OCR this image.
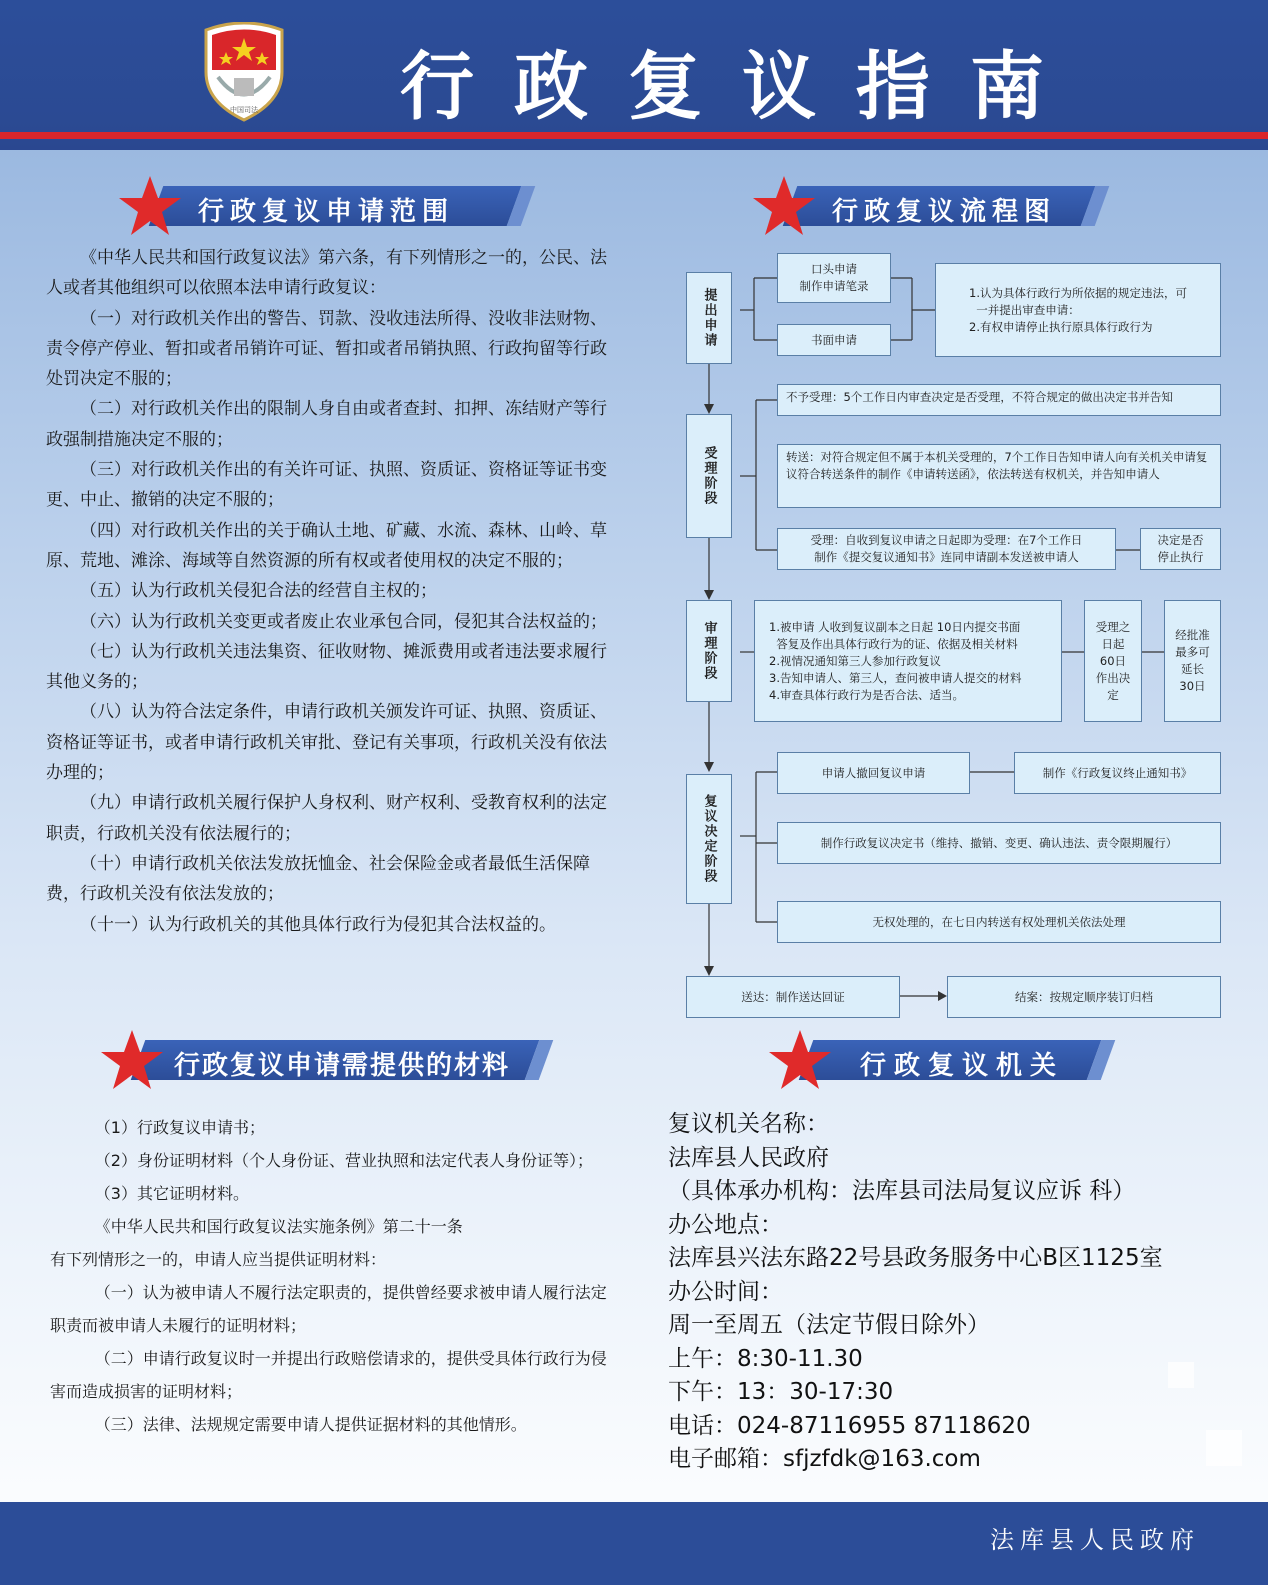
中国司法 行政复议指南
行政复议申请范围	行政复议流程图
行政复议申请需提供的材料	行政复议机关

《中华人民共和国行政复议法》第六条，有下列情形之一的，公民、法人或者其他组织可以依照本法申请行政复议：

（一）对行政机关作出的警告、罚款、没收违法所得、没收非法财物、责令停产停业、暂扣或者吊销许可证、暂扣或者吊销执照、行政拘留等行政处罚决定不服的；

（二）对行政机关作出的限制人身自由或者查封、扣押、冻结财产等行政强制措施决定不服的；

（三）对行政机关作出的有关许可证、执照、资质证、资格证等证书变更、中止、撤销的决定不服的；

（四）对行政机关作出的关于确认土地、矿藏、水流、森林、山岭、草原、荒地、滩涂、海域等自然资源的所有权或者使用权的决定不服的；

（五）认为行政机关侵犯合法的经营自主权的；

（六）认为行政机关变更或者废止农业承包合同，侵犯其合法权益的；

（七）认为行政机关违法集资、征收财物、摊派费用或者违法要求履行其他义务的；

（八）认为符合法定条件，申请行政机关颁发许可证、执照、资质证、资格证等证书，或者申请行政机关审批、登记有关事项，行政机关没有依法办理的；

（九）申请行政机关履行保护人身权利、财产权利、受教育权利的法定职责，行政机关没有依法履行的；

（十）申请行政机关依法发放抚恤金、社会保险金或者最低生活保障费，行政机关没有依法发放的；

（十一）认为行政机关的其他具体行政行为侵犯其合法权益的。

提出申请
口头申请
制作申请笔录
书面申请
1.认为具体行政行为所依据的规定违法，可
一并提出审查申请：
2.有权申请停止执行原具体行政行为
受理阶段
不予受理：5个工作日内审查决定是否受理，不符合规定的做出决定书并告知
转送：对符合规定但不属于本机关受理的，7个工作日告知申请人向有关机关申请复议符合转送条件的制作《申请转送函》，依法转送有权机关，并告知申请人
受理：自收到复议申请之日起即为受理：在7个工作日
制作《提交复议通知书》连同申请副本发送被申请人
决定是否
停止执行
审理阶段	1.被申请 人收到复议副本之日起 10日内提交书面
答复及作出具体行政行为的证、依据及相关材料
2.视情况通知第三人参加行政复议
3.告知申请人、第三人，查问被申请人提交的材料
4.审查具体行政行为是否合法、适当。
受理之日起60日作出决定
经批准最多可延长30日
复议决定阶段
申请人撤回复议申请	制作《行政复议终止通知书》
制作行政复议决定书（维持、撤销、变更、确认违法、责令限期履行）
无权处理的，在七日内转送有权处理机关依法处理
送达：制作送达回证	结案：按规定顺序装订归档

（1）行政复议申请书；

（2）身份证明材料（个人身份证、营业执照和法定代表人身份证等）；

（3）其它证明材料。

《中华人民共和国行政复议法实施条例》第二十一条

有下列情形之一的，申请人应当提供证明材料：

（一）认为被申请人不履行法定职责的，提供曾经要求被申请人履行法定职责而被申请人未履行的证明材料；

（二）申请行政复议时一并提出行政赔偿请求的，提供受具体行政行为侵害而造成损害的证明材料；

（三）法律、法规规定需要申请人提供证据材料的其他情形。

复议机关名称：
法库县人民政府
（具体承办机构：法库县司法局复议应诉 科）
办公地点：
法库县兴法东路22号县政务服务中心B区1125室
办公时间：
周一至周五（法定节假日除外）
上午：8:30-11.30
下午：13：30-17:30
电话：024-87116955 87118620
电子邮箱：sfjzfdk@163.com
法库县人民政府
